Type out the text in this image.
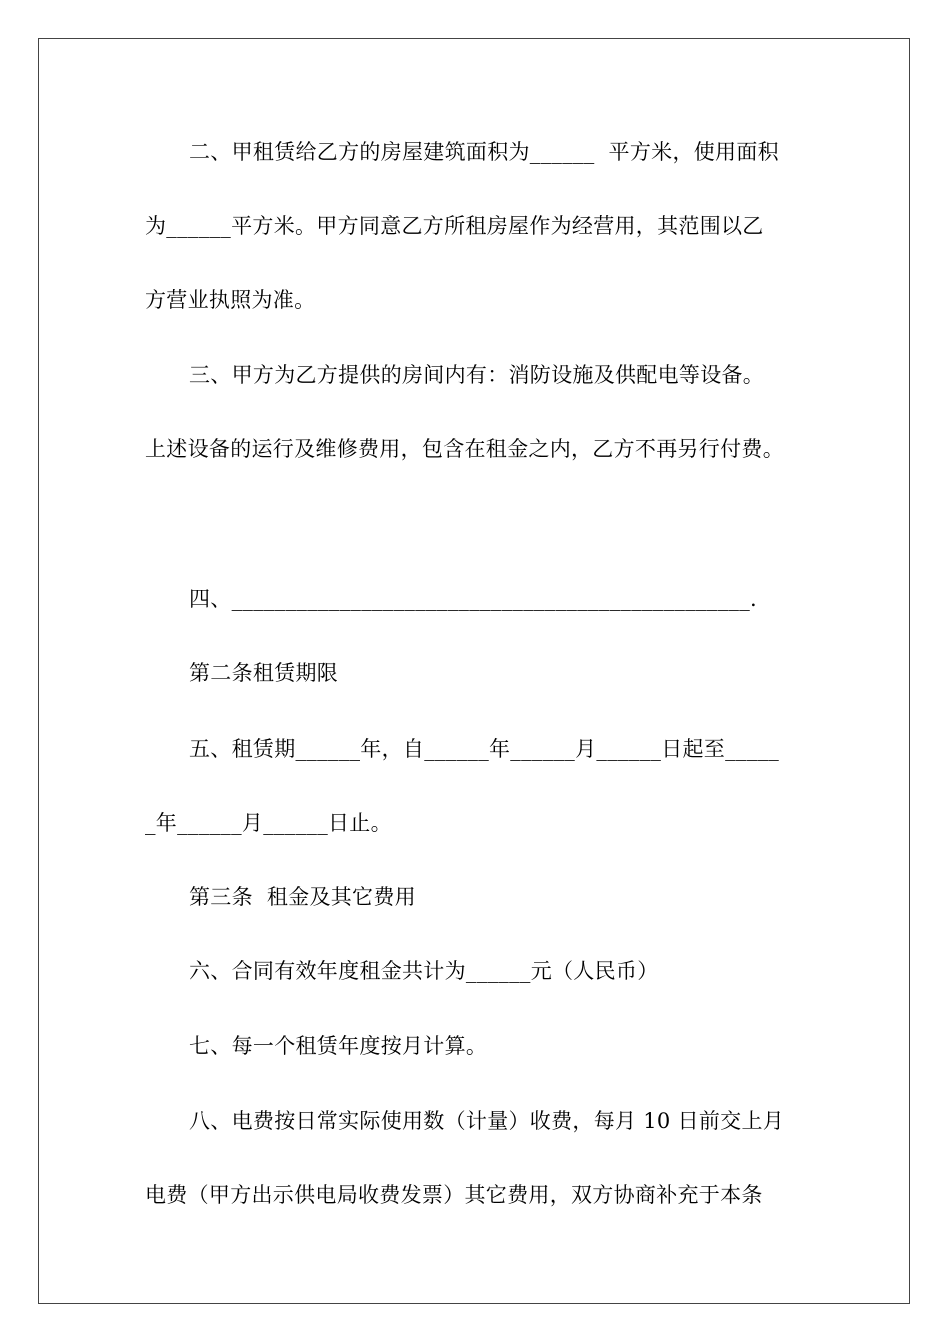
二、甲租赁给乙方的房屋建筑面积为______  平方米，使用面积
为______平方米。甲方同意乙方所租房屋作为经营用，其范围以乙
方营业执照为准。
三、甲方为乙方提供的房间内有：消防设施及供配电等设备。
上述设备的运行及维修费用，包含在租金之内，乙方不再另行付费。
四、________________________________________________.
第二条租赁期限
五、租赁期______年，自______年______月______日起至_____
_年______月______日止。
第三条  租金及其它费用
六、合同有效年度租金共计为______元（人民币）
七、每一个租赁年度按月计算。
八、电费按日常实际使用数（计量）收费，每月 10 日前交上月
电费（甲方出示供电局收费发票）其它费用，双方协商补充于本条
